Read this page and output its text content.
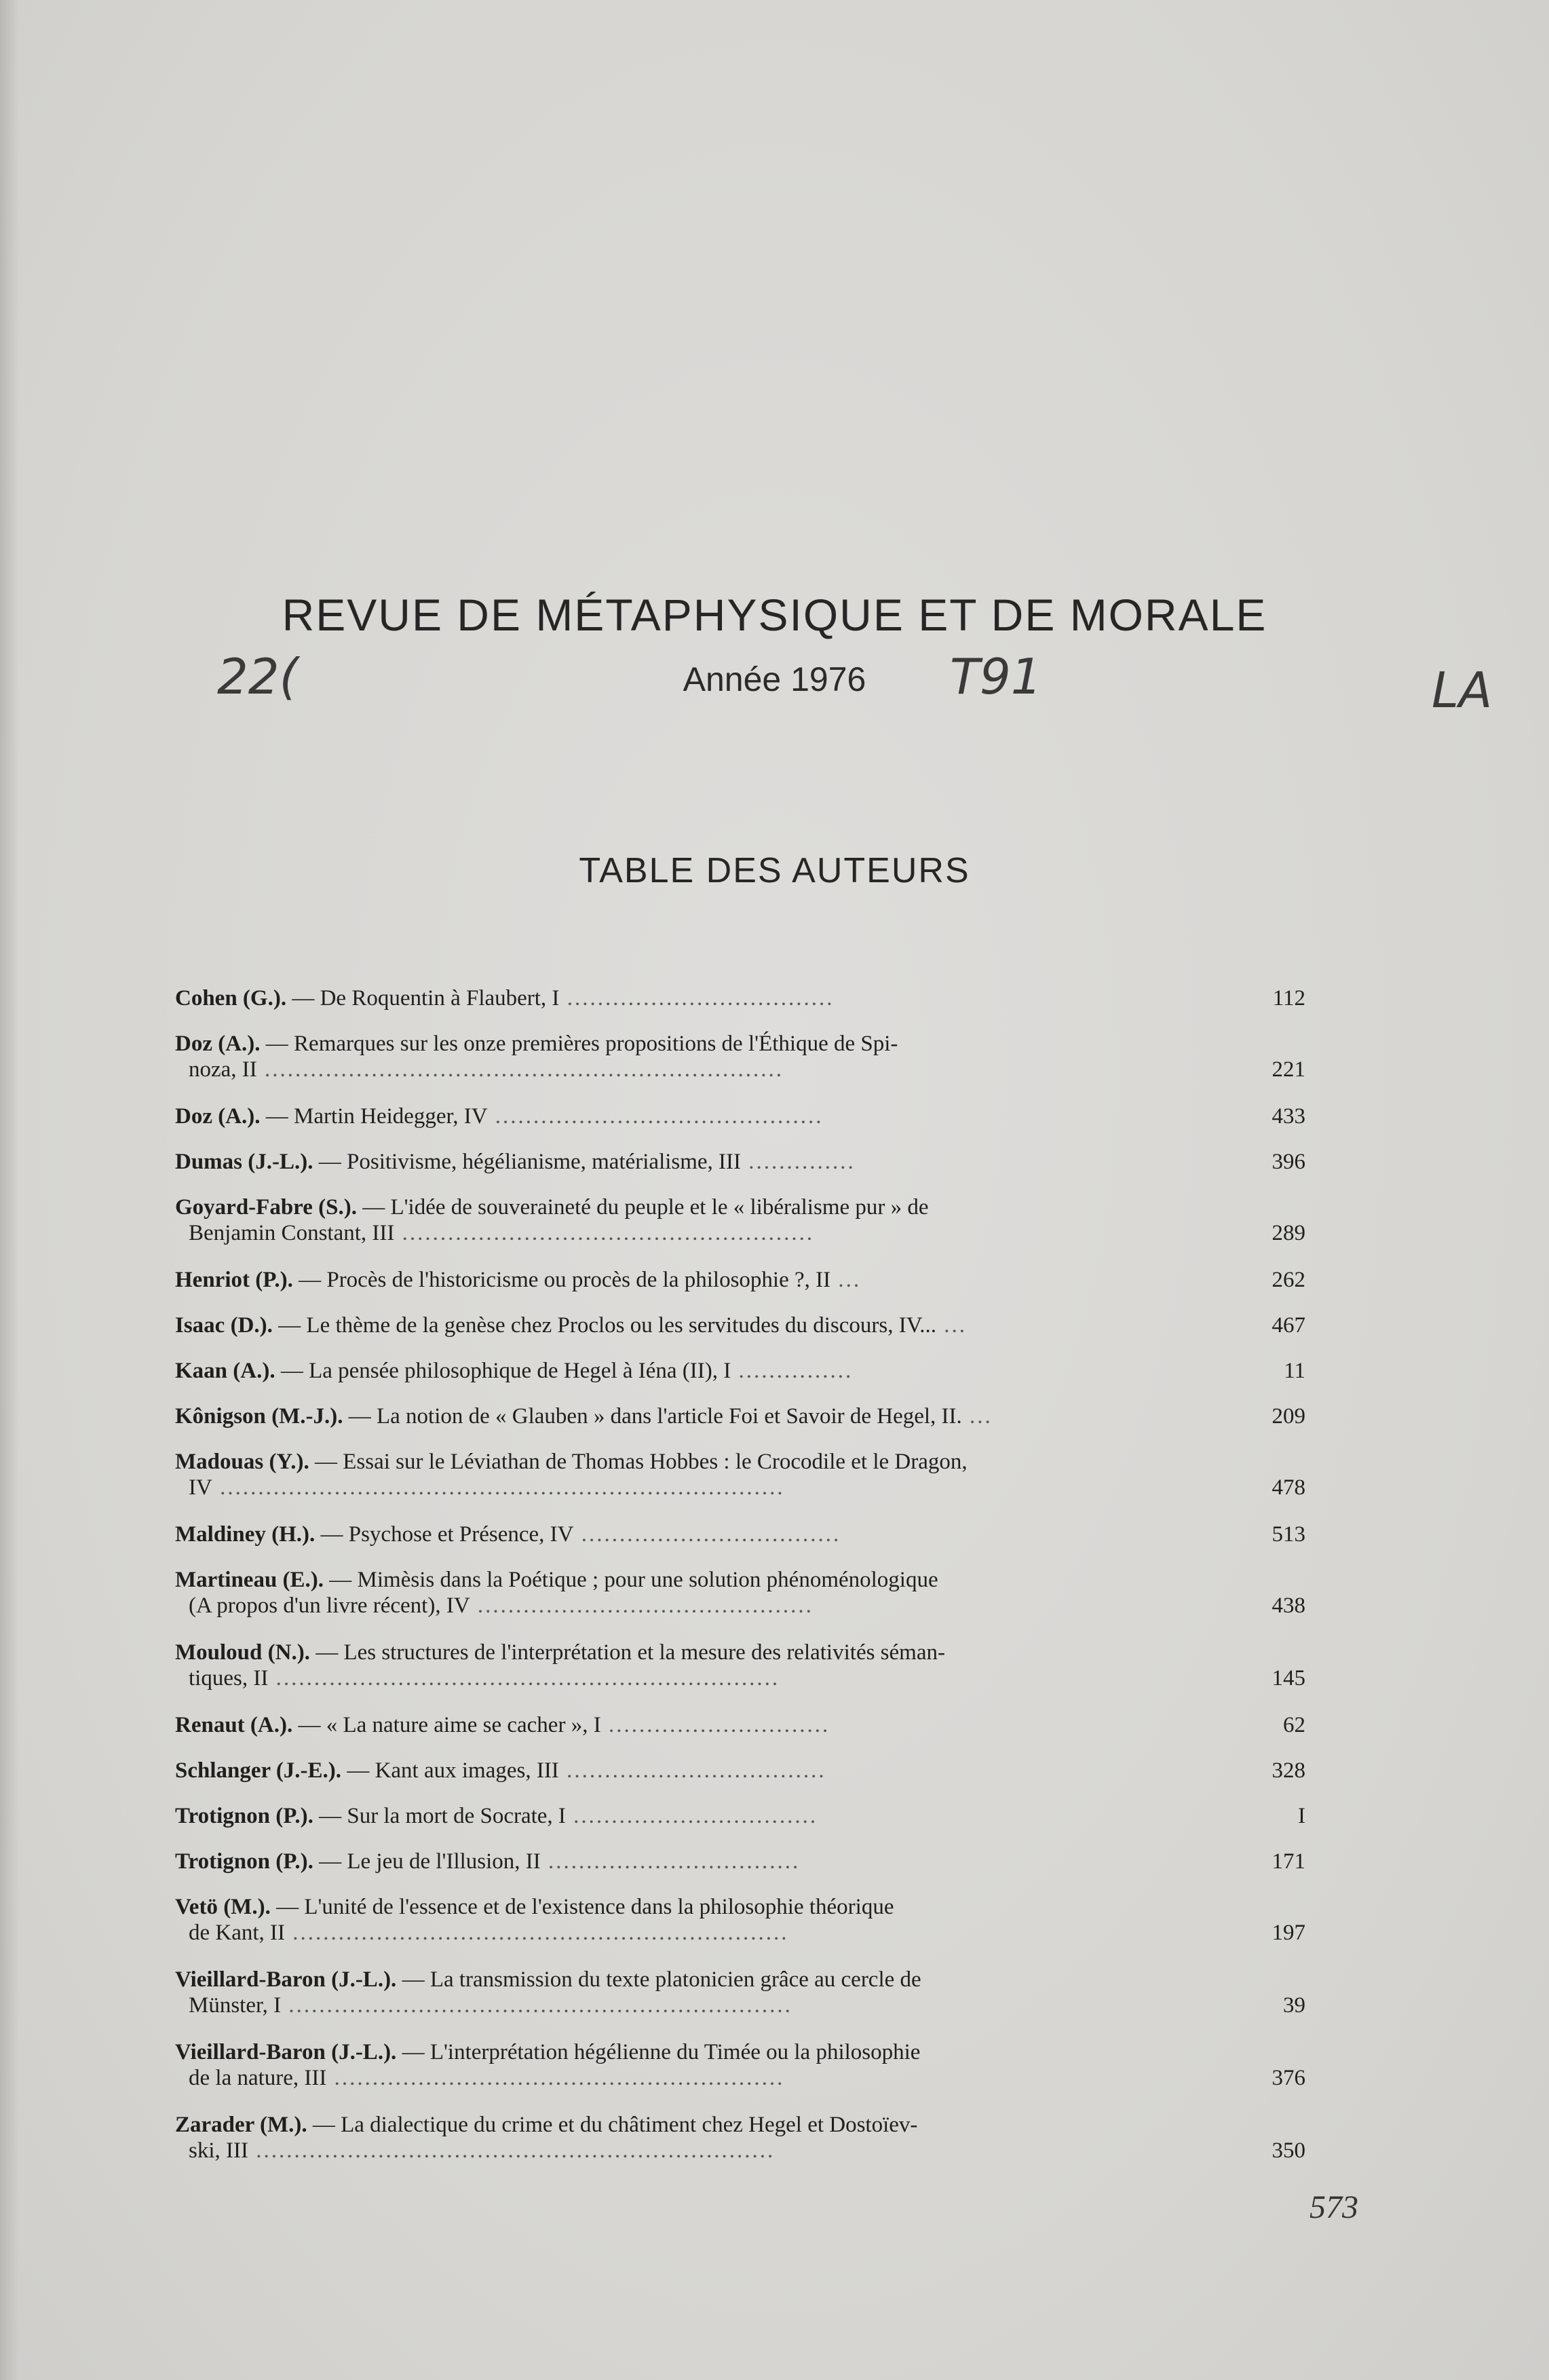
REVUE DE MÉTAPHYSIQUE ET DE MORALE
22(	Année 1976	T91	LA
TABLE DES AUTEURS
Cohen (G.). — De Roquentin à Flaubert, I ...................................	112
Doz (A.). — Remarques sur les onze premières propositions de l'Éthique de Spi-
noza, II ....................................................................	221
Doz (A.). — Martin Heidegger, IV ...........................................	433
Dumas (J.-L.). — Positivisme, hégélianisme, matérialisme, III ..............	396
Goyard-Fabre (S.). — L'idée de souveraineté du peuple et le « libéralisme pur » de
Benjamin Constant, III ......................................................	289
Henriot (P.). — Procès de l'historicisme ou procès de la philosophie ?, II ...	262
Isaac (D.). — Le thème de la genèse chez Proclos ou les servitudes du discours, IV... ...	467
Kaan (A.). — La pensée philosophique de Hegel à Iéna (II), I ...............	11
Kônigson (M.-J.). — La notion de « Glauben » dans l'article Foi et Savoir de Hegel, II. ...	209
Madouas (Y.). — Essai sur le Léviathan de Thomas Hobbes : le Crocodile et le Dragon,
IV ..........................................................................	478
Maldiney (H.). — Psychose et Présence, IV ..................................	513
Martineau (E.). — Mimèsis dans la Poétique ; pour une solution phénoménologique
(A propos d'un livre récent), IV ............................................	438
Mouloud (N.). — Les structures de l'interprétation et la mesure des relativités séman-
tiques, II ..................................................................	145
Renaut (A.). — « La nature aime se cacher », I .............................	62
Schlanger (J.-E.). — Kant aux images, III ..................................	328
Trotignon (P.). — Sur la mort de Socrate, I ................................	I
Trotignon (P.). — Le jeu de l'Illusion, II .................................	171
Vetö (M.). — L'unité de l'essence et de l'existence dans la philosophie théorique
de Kant, II .................................................................	197
Vieillard-Baron (J.-L.). — La transmission du texte platonicien grâce au cercle de
Münster, I ..................................................................	39
Vieillard-Baron (J.-L.). — L'interprétation hégélienne du Timée ou la philosophie
de la nature, III ...........................................................	376
Zarader (M.). — La dialectique du crime et du châtiment chez Hegel et Dostoïev-
ski, III ....................................................................	350
573
